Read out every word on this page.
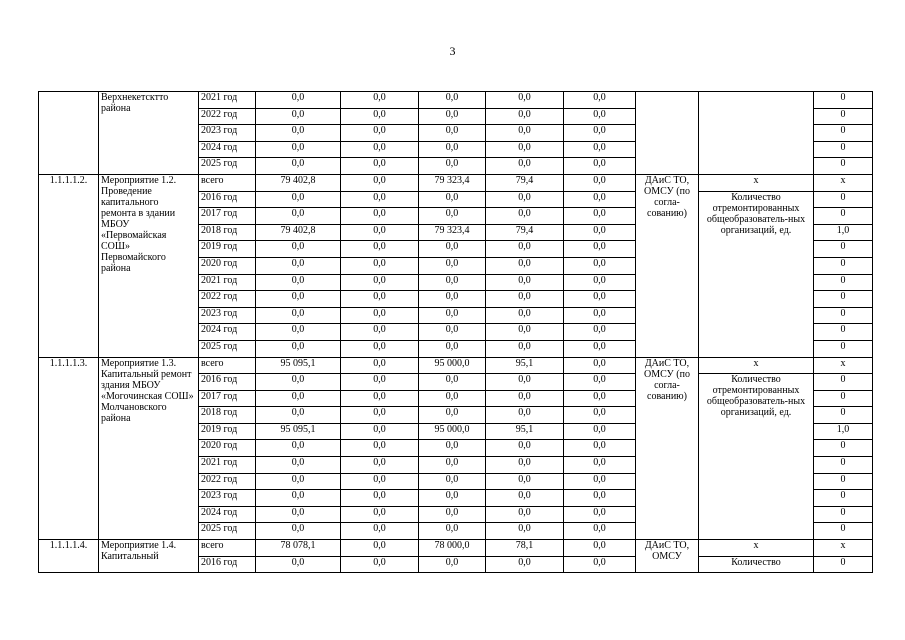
3
	Верхнекетсктто района	2021 год	0,0	0,0	0,0	0,0	0,0			0
		2022 год	0,0	0,0	0,0	0,0	0,0			0
		2023 год	0,0	0,0	0,0	0,0	0,0			0
		2024 год	0,0	0,0	0,0	0,0	0,0			0
		2025 год	0,0	0,0	0,0	0,0	0,0			0
1.1.1.1.2.	Мероприятие 1.2. Проведение капитального ремонта в здании МБОУ «Первомайская СОШ» Первомайского района	всего	79 402,8	0,0	79 323,4	79,4	0,0	ДАиС ТО, ОМСУ (по согла-сованию)	х	х
		2016 год	0,0	0,0	0,0	0,0	0,0		Количество отремонтированных общеобразователь-ных организаций, ед.	0
		2017 год	0,0	0,0	0,0	0,0	0,0			0
		2018 год	79 402,8	0,0	79 323,4	79,4	0,0			1,0
		2019 год	0,0	0,0	0,0	0,0	0,0			0
		2020 год	0,0	0,0	0,0	0,0	0,0			0
		2021 год	0,0	0,0	0,0	0,0	0,0			0
		2022 год	0,0	0,0	0,0	0,0	0,0			0
		2023 год	0,0	0,0	0,0	0,0	0,0			0
		2024 год	0,0	0,0	0,0	0,0	0,0			0
		2025 год	0,0	0,0	0,0	0,0	0,0			0
1.1.1.1.3.	Мероприятие 1.3. Капитальный ремонт здания МБОУ «Могочинская СОШ» Молчановского района	всего	95 095,1	0,0	95 000,0	95,1	0,0	ДАиС ТО, ОМСУ (по согла-сованию)	х	х
		2016 год	0,0	0,0	0,0	0,0	0,0		Количество отремонтированных общеобразователь-ных организаций, ед.	0
		2017 год	0,0	0,0	0,0	0,0	0,0			0
		2018 год	0,0	0,0	0,0	0,0	0,0			0
		2019 год	95 095,1	0,0	95 000,0	95,1	0,0			1,0
		2020 год	0,0	0,0	0,0	0,0	0,0			0
		2021 год	0,0	0,0	0,0	0,0	0,0			0
		2022 год	0,0	0,0	0,0	0,0	0,0			0
		2023 год	0,0	0,0	0,0	0,0	0,0			0
		2024 год	0,0	0,0	0,0	0,0	0,0			0
		2025 год	0,0	0,0	0,0	0,0	0,0			0
1.1.1.1.4.	Мероприятие 1.4. Капитальный	всего	78 078,1	0,0	78 000,0	78,1	0,0	ДАиС ТО, ОМСУ	х	х
		2016 год	0,0	0,0	0,0	0,0	0,0		Количество	0
